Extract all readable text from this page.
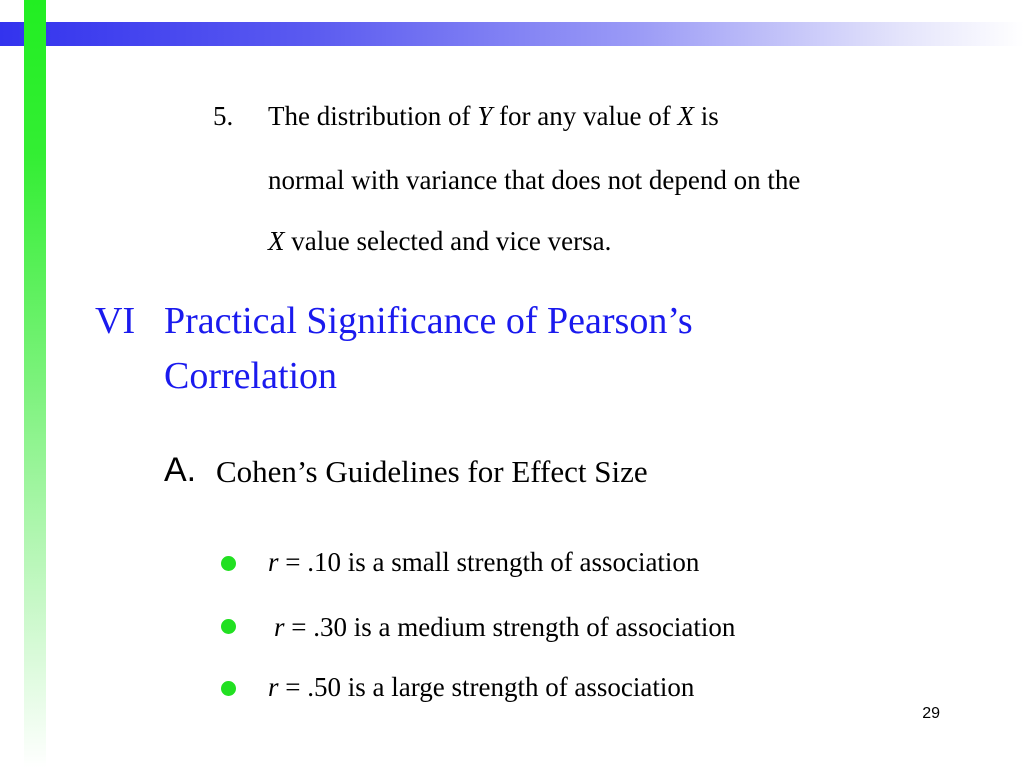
5. The distribution of Y for any value of X is
normal with variance that does not depend on the
X value selected and vice versa.
VI Practical Significance of Pearson’s
Correlation
A. Cohen’s Guidelines for Effect Size
r = .10 is a small strength of association
r = .30 is a medium strength of association
r = .50 is a large strength of association
29
